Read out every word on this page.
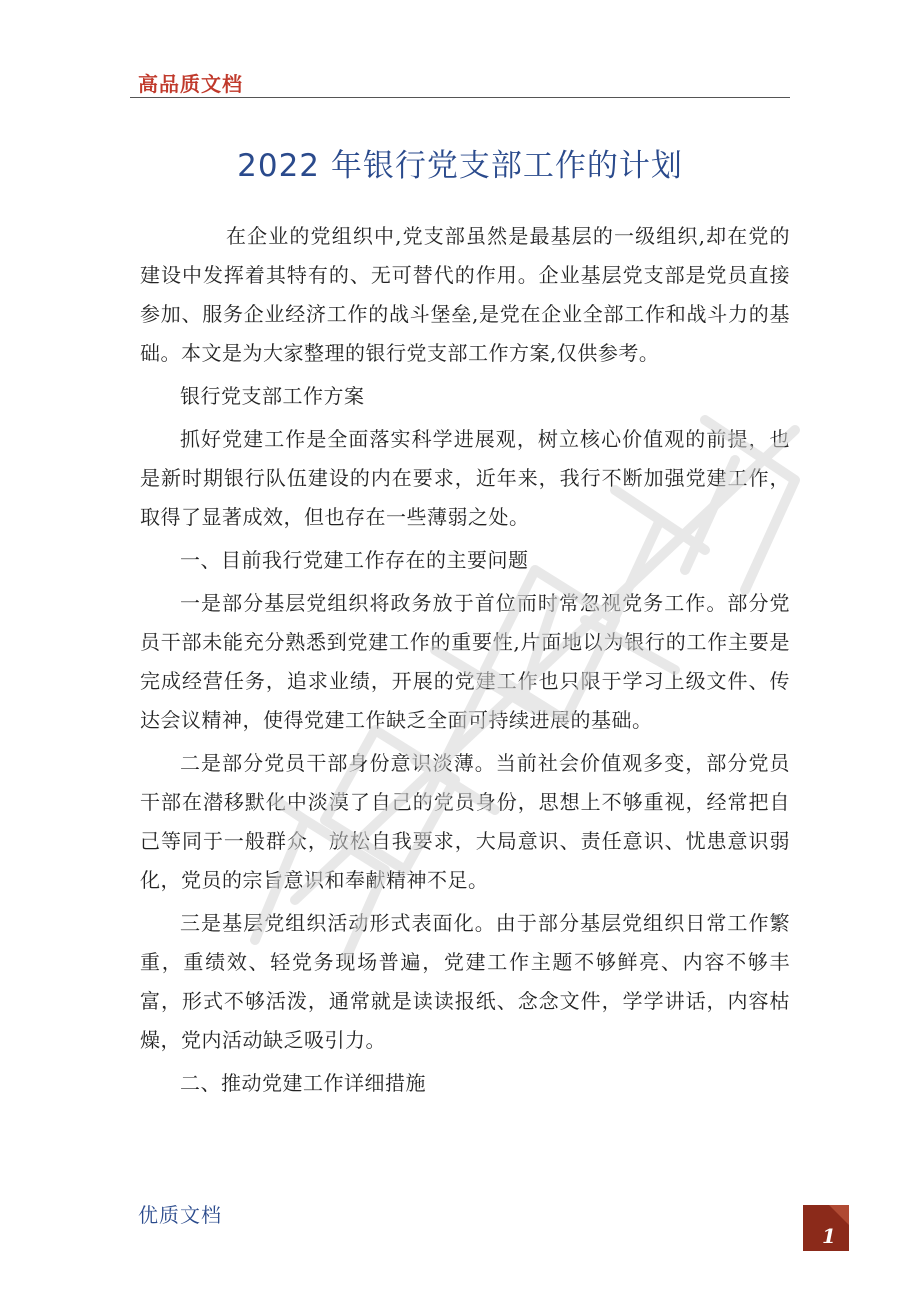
高品质文档
2022 年银行党支部工作的计划

在企业的党组织中,党支部虽然是最基层的一级组织,却在党的建设中发挥着其特有的、无可替代的作用。企业基层党支部是党员直接参加、服务企业经济工作的战斗堡垒,是党在企业全部工作和战斗力的基础。本文是为大家整理的银行党支部工作方案,仅供参考。

银行党支部工作方案

抓好党建工作是全面落实科学进展观，树立核心价值观的前提，也是新时期银行队伍建设的内在要求，近年来，我行不断加强党建工作，取得了显著成效，但也存在一些薄弱之处。

一、目前我行党建工作存在的主要问题

一是部分基层党组织将政务放于首位而时常忽视党务工作。部分党员干部未能充分熟悉到党建工作的重要性,片面地以为银行的工作主要是完成经营任务，追求业绩，开展的党建工作也只限于学习上级文件、传达会议精神，使得党建工作缺乏全面可持续进展的基础。

二是部分党员干部身份意识淡薄。当前社会价值观多变，部分党员干部在潜移默化中淡漠了自己的党员身份，思想上不够重视，经常把自己等同于一般群众，放松自我要求，大局意识、责任意识、忧患意识弱化，党员的宗旨意识和奉献精神不足。

三是基层党组织活动形式表面化。由于部分基层党组织日常工作繁重，重绩效、轻党务现场普遍，党建工作主题不够鲜亮、内容不够丰富，形式不够活泼，通常就是读读报纸、念念文件，学学讲话，内容枯燥，党内活动缺乏吸引力。

二、推动党建工作详细措施

优质文档
1
